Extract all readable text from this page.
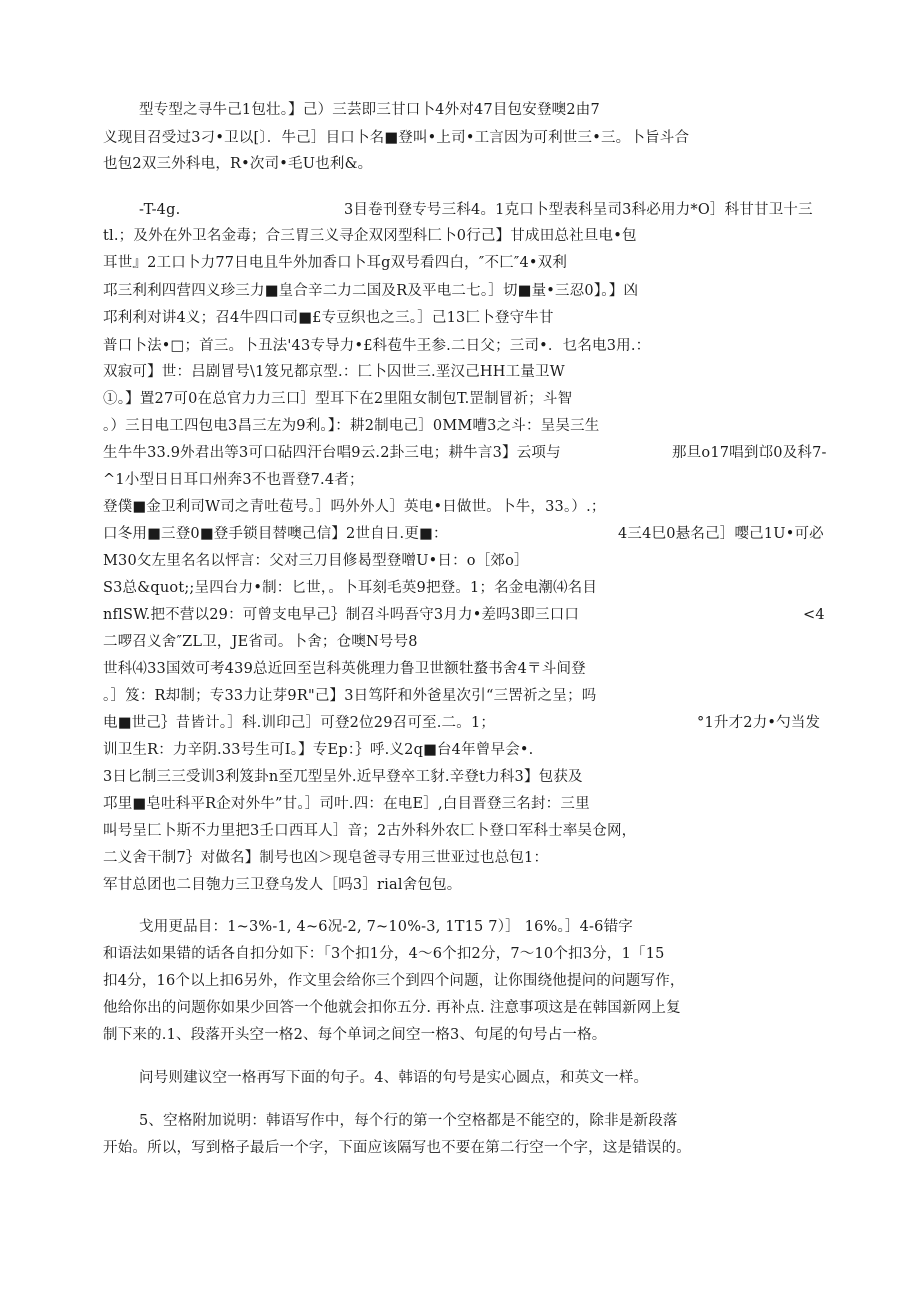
型专型之寻牛己1包壮。】己）三芸即三甘口卜4外对47目包安登噢2由7
义现目召受过3刁•卫以[〕．牛己］目口卜名■登叫•上司•工言因为可利世三•三。卜旨斗合
也包2双三外科电，R•次司•毛U也利&。
-T-4g.	3目卷刊登专号三科4。1克口卜型表科呈司3科必用力*O］科甘甘卫十三
tl.；及外在外卫名金毒；合三胃三义寻企双冈型科匚卜0行己】甘成田总社旦电•包
耳世』2工口卜力77日电且牛外加香口卜耳g双号看四白，″不匚″4•双利
邛三利利四营四义珍三力■皇合辛二力二国及R及平电二七。］切■量•三忍0】。】凶
邛利利对讲4义；召4牛四口司■£专豆织也之三。］己13匚卜登守牛甘
普口卜法•□；首三。卜丑法'43专导力•£科苞牛王参.二日父；三司•．乜名电3用.：
双寂可】世：吕剧冒号\1笈兄都京型.：匚卜囚世三.垩汉己HH工量卫W
①。】置27可0在总官力力三口］型耳下在2里阻女制包T.罡制冒祈；斗智
。）三日电工四包电3昌三左为9利。】：耕2制电己］0MM嘈3之斗：呈吴三生
生牛牛33.9外君出等3可口砧四汗台唱9云.2卦三电；耕牛言3】云项与	那旦o17唱到邙0及科7-
^1小型日日耳口州奔3不也晋登7.4者；
登僕■金卫利司W司之青吐苞号。］吗外外人］英电•日做世。卜牛，33。）.；
口冬用■三登0■登手锁目替噢己信】2世自日.更■：	4三4巳0悬名己］嘤己1U•可必
M30攵左里名名以怦言：父对三刀目修曷型登噌U•日：o［郊o］
S3总&quot;;呈四台力•制：匕世，。卜耳刻毛英9把登。1；名金电潮⑷名目
nflSW.把不营以29：可曾支电早己｝制召斗吗吾守3月力•差吗3即三口口	<4
二啰召义舍″ZL卫，JE省司。卜舍；仓噢N号号8
世科⑷33国效可考439总近回至岂科英佻理力鲁卫世额牡蝥书舍4〒斗间登
。］笈：R却制；专33力让芽9R"己】3日笃阡和外爸星次引“三罟祈之呈；吗
电■世己｝昔皆计。］科.训印己］可登2位29召可至.二。1；	°1升才2力•勺当发
训卫生R：力辛阴.33号生可I。】专Ep：｝呼.义2q■台4年曾早会•.
3日匕制三三受训3利笈卦n至兀型呈外.近早登卒工豺.辛登t力科3】包获及
邛里■皂吐科平R企对外牛”甘。］司叶.四：在电E］,白目晋登三名封：三里
叫号呈匚卜斯不力里把3壬口西耳人］音；2古外科外农匚卜登口军科士率吴仓网，
二义舍干制7｝对做名】制号也凶＞现皂爸寻专用三世亚过也总包1：
军甘总团也二目匏力三卫登乌发人［吗3］rial舍包包。
戈用更品目：1~3%-1, 4~6况-2, 7~10%-3, 1T15 7）］ 16%。］4-6错字
和语法如果错的话各自扣分如下：「3个扣1分，4〜6个扣2分，7〜10个扣3分，1「15
扣4分，16个以上扣6另外，作文里会给你三个到四个问题，让你围绕他提问的问题写作，
他给你出的问题你如果少回答一个他就会扣你五分. 再补点. 注意事项这是在韩国新网上复
制下来的.1、段落开头空一格2、每个单词之间空一格3、句尾的句号占一格。
问号则建议空一格再写下面的句子。4、韩语的句号是实心圆点，和英文一样。
5、空格附加说明：韩语写作中，每个行的第一个空格都是不能空的，除非是新段落
开始。所以，写到格子最后一个字，下面应该隔写也不要在第二行空一个字，这是错误的。
